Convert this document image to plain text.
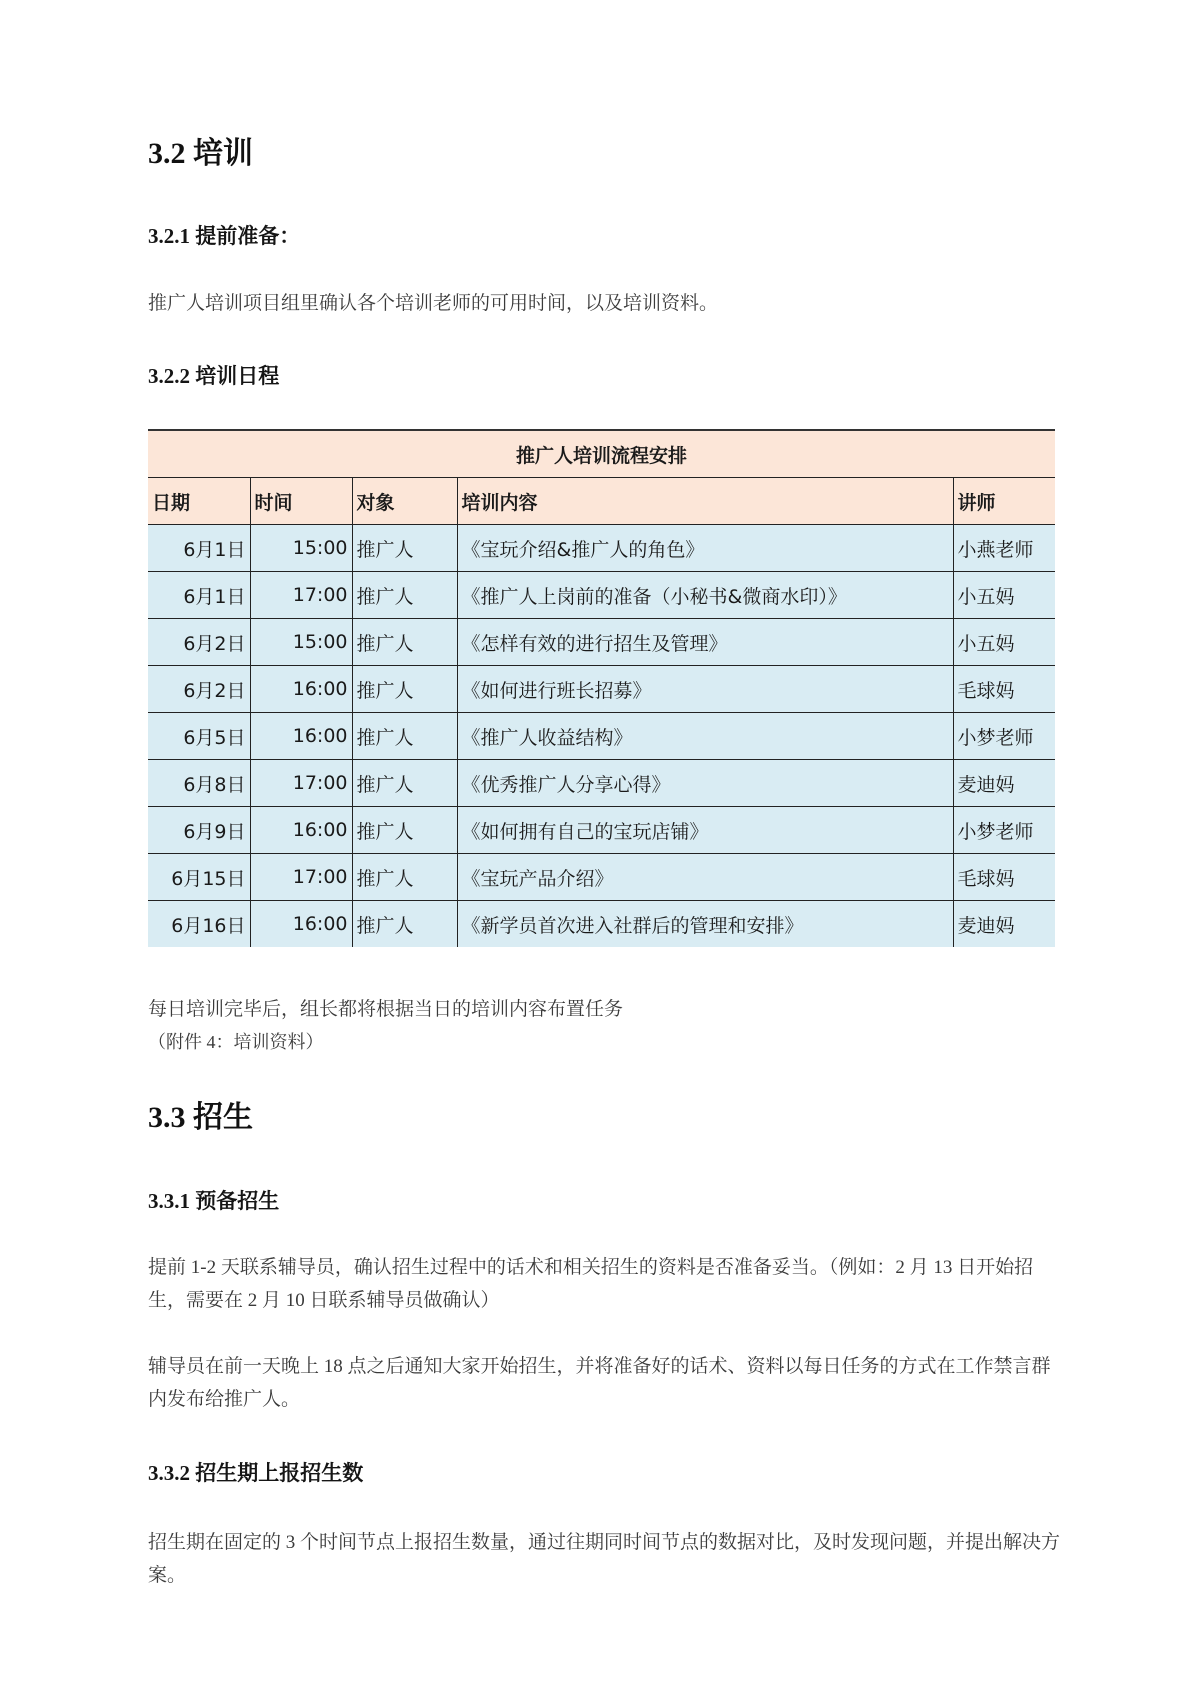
3.2 培训
3.2.1 提前准备：
推广人培训项目组里确认各个培训老师的可用时间，以及培训资料。
3.2.2 培训日程
推广人培训流程安排				
日期	时间	对象	培训内容	讲师
6月1日	15:00	推广人	《宝玩介绍&推广人的角色》	小燕老师
6月1日	17:00	推广人	《推广人上岗前的准备（小秘书&微商水印）》	小五妈
6月2日	15:00	推广人	《怎样有效的进行招生及管理》	小五妈
6月2日	16:00	推广人	《如何进行班长招募》	毛球妈
6月5日	16:00	推广人	《推广人收益结构》	小梦老师
6月8日	17:00	推广人	《优秀推广人分享心得》	麦迪妈
6月9日	16:00	推广人	《如何拥有自己的宝玩店铺》	小梦老师
6月15日	17:00	推广人	《宝玩产品介绍》	毛球妈
6月16日	16:00	推广人	《新学员首次进入社群后的管理和安排》	麦迪妈
每日培训完毕后，组长都将根据当日的培训内容布置任务
（附件 4：培训资料）
3.3 招生
3.3.1 预备招生
提前 1-2 天联系辅导员，确认招生过程中的话术和相关招生的资料是否准备妥当。（例如：2 月 13 日开始招生，需要在 2 月 10 日联系辅导员做确认）
辅导员在前一天晚上 18 点之后通知大家开始招生，并将准备好的话术、资料以每日任务的方式在工作禁言群内发布给推广人。
3.3.2 招生期上报招生数
招生期在固定的 3 个时间节点上报招生数量，通过往期同时间节点的数据对比，及时发现问题，并提出解决方案。
